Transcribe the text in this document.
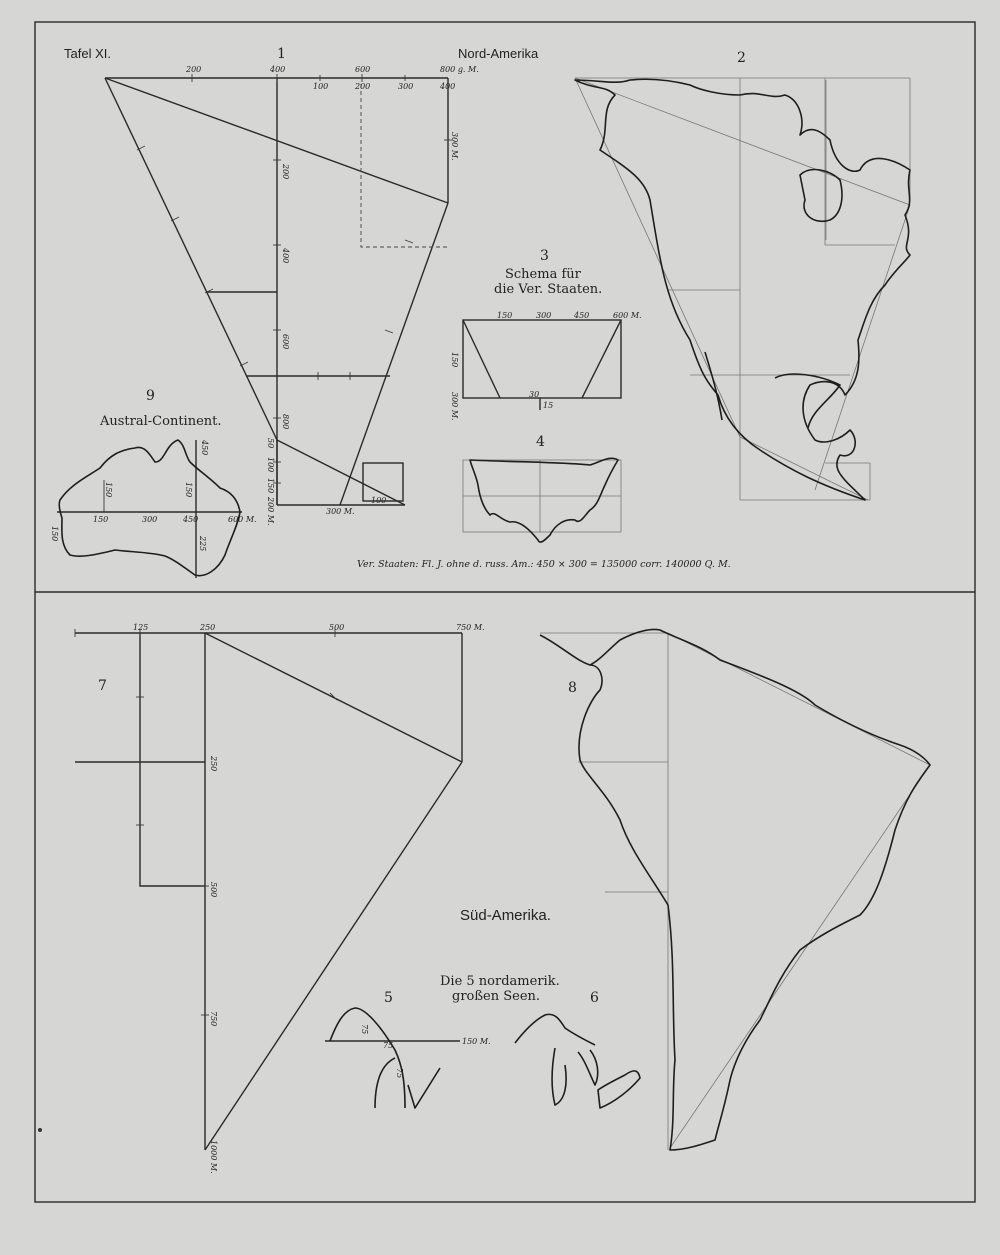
Tafel XI.	Nord-Amerika
Süd-Amerika.
1
200	400	600	800 g. M.
100	200	300	400
300 M.
200
400
600
800
50
100
150
200 M.	300 M.
100
2
3
Schema für
die Ver. Staaten.
150	300	450	600 M.
150
300 M.	30
15
4
9
Austral-Continent.
150	300	450	600 M.
450
150	150
225
150
Ver. Staaten: Fl. J. ohne d. russ. Am.: 450 × 300 = 135000 corr. 140000 Q. M.
7
125	250	500	750 M.
250
500
750
1000 M.
8
5
Die 5 nordamerik.
großen Seen.
75
75
75
150 M.
6
